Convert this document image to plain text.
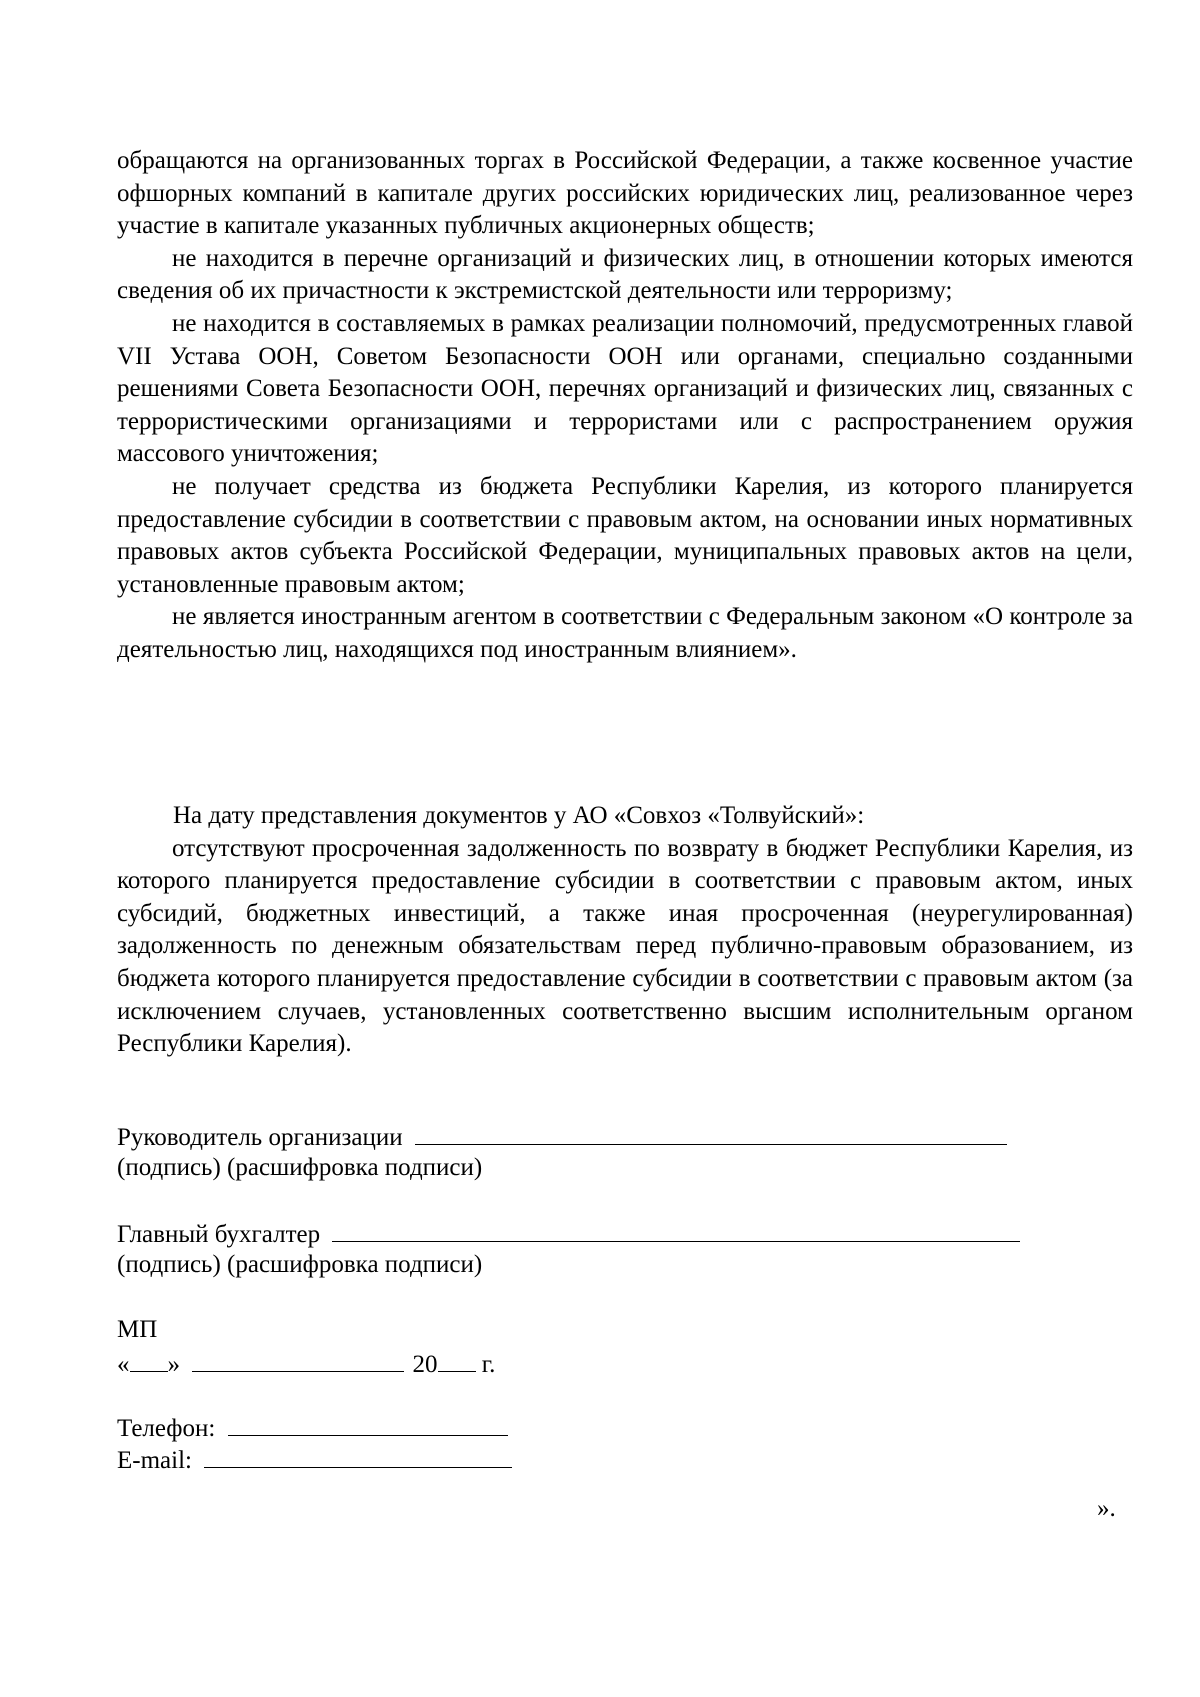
обращаются на организованных торгах в Российской Федерации, а также косвенное участие офшорных компаний в капитале других российских юридических лиц, реализованное через участие в капитале указанных публичных акционерных обществ;

не находится в перечне организаций и физических лиц, в отношении которых имеются сведения об их причастности к экстремистской деятельности или терроризму;

не находится в составляемых в рамках реализации полномочий, предусмотренных главой VII Устава ООН, Советом Безопасности ООН или органами, специально созданными решениями Совета Безопасности ООН, перечнях организаций и физических лиц, связанных с террористическими организациями и террористами или с распространением оружия массового уничтожения;

не получает средства из бюджета Республики Карелия, из которого планируется предоставление субсидии в соответствии с правовым актом, на основании иных нормативных правовых актов субъекта Российской Федерации, муниципальных правовых актов на цели, установленные правовым актом;

не является иностранным агентом в соответствии с Федеральным законом «О контроле за деятельностью лиц, находящихся под иностранным влиянием».

На дату представления документов у АО «Совхоз «Толвуйский»:

отсутствуют просроченная задолженность по возврату в бюджет Республики Карелия, из которого планируется предоставление субсидии в соответствии с правовым актом, иных субсидий, бюджетных инвестиций, а также иная просроченная (неурегулированная) задолженность по денежным обязательствам перед публично-правовым образованием, из бюджета которого планируется предоставление субсидии в соответствии с правовым актом (за исключением случаев, установленных соответственно высшим исполнительным органом Республики Карелия).

Руководитель организации
(подпись) (расшифровка подписи)
Главный бухгалтер
(подпись) (расшифровка подписи)
МП
« »	20 г.
Телефон:
E-mail:
».
